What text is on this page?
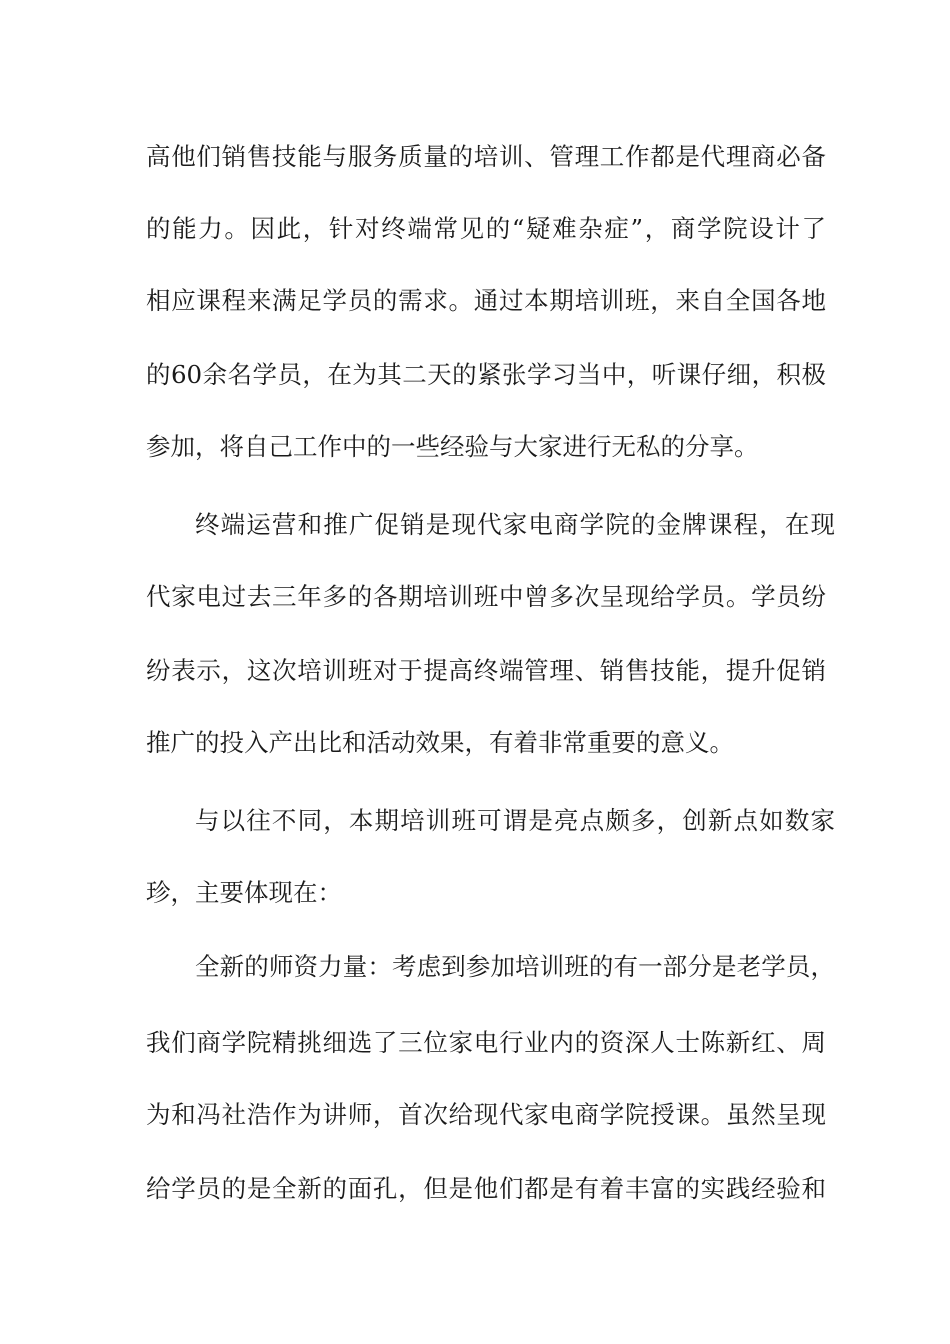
高他们销售技能与服务质量的培训、管理工作都是代理商必备
的能力。因此，针对终端常见的“疑难杂症”，商学院设计了
相应课程来满足学员的需求。通过本期培训班，来自全国各地
的60余名学员，在为其二天的紧张学习当中，听课仔细，积极
参加，将自己工作中的一些经验与大家进行无私的分享。
终端运营和推广促销是现代家电商学院的金牌课程，在现
代家电过去三年多的各期培训班中曾多次呈现给学员。学员纷
纷表示，这次培训班对于提高终端管理、销售技能，提升促销
推广的投入产出比和活动效果，有着非常重要的意义。
与以往不同，本期培训班可谓是亮点颇多，创新点如数家
珍，主要体现在：
全新的师资力量：考虑到参加培训班的有一部分是老学员，
我们商学院精挑细选了三位家电行业内的资深人士陈新红、周
为和冯社浩作为讲师，首次给现代家电商学院授课。虽然呈现
给学员的是全新的面孔，但是他们都是有着丰富的实践经验和
